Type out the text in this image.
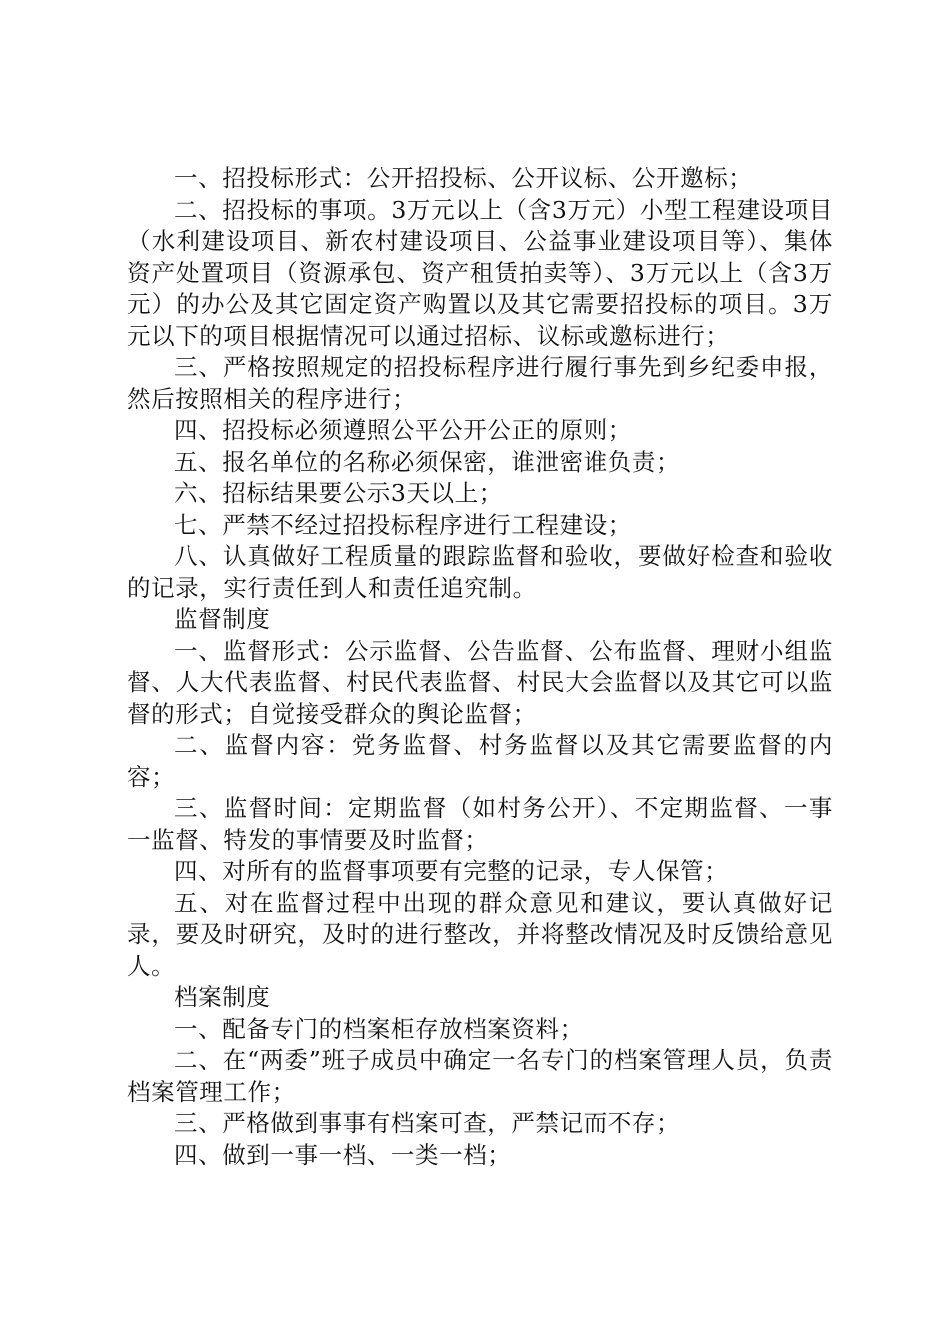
一、招投标形式：公开招投标、公开议标、公开邀标；

二、招投标的事项。3万元以上（含3万元）小型工程建设项目（水利建设项目、新农村建设项目、公益事业建设项目等）、集体资产处置项目（资源承包、资产租赁拍卖等）、3万元以上（含3万元）的办公及其它固定资产购置以及其它需要招投标的项目。3万元以下的项目根据情况可以通过招标、议标或邀标进行；

三、严格按照规定的招投标程序进行履行事先到乡纪委申报，然后按照相关的程序进行；

四、招投标必须遵照公平公开公正的原则；

五、报名单位的名称必须保密，谁泄密谁负责；

六、招标结果要公示3天以上；

七、严禁不经过招投标程序进行工程建设；

八、认真做好工程质量的跟踪监督和验收，要做好检查和验收的记录，实行责任到人和责任追究制。

监督制度

一、监督形式：公示监督、公告监督、公布监督、理财小组监督、人大代表监督、村民代表监督、村民大会监督以及其它可以监督的形式；自觉接受群众的舆论监督；

二、监督内容：党务监督、村务监督以及其它需要监督的内容；

三、监督时间：定期监督（如村务公开）、不定期监督、一事一监督、特发的事情要及时监督；

四、对所有的监督事项要有完整的记录，专人保管；

五、对在监督过程中出现的群众意见和建议，要认真做好记录，要及时研究，及时的进行整改，并将整改情况及时反馈给意见人。

档案制度

一、配备专门的档案柜存放档案资料；

二、在“两委”班子成员中确定一名专门的档案管理人员，负责档案管理工作；

三、严格做到事事有档案可查，严禁记而不存；

四、做到一事一档、一类一档；
